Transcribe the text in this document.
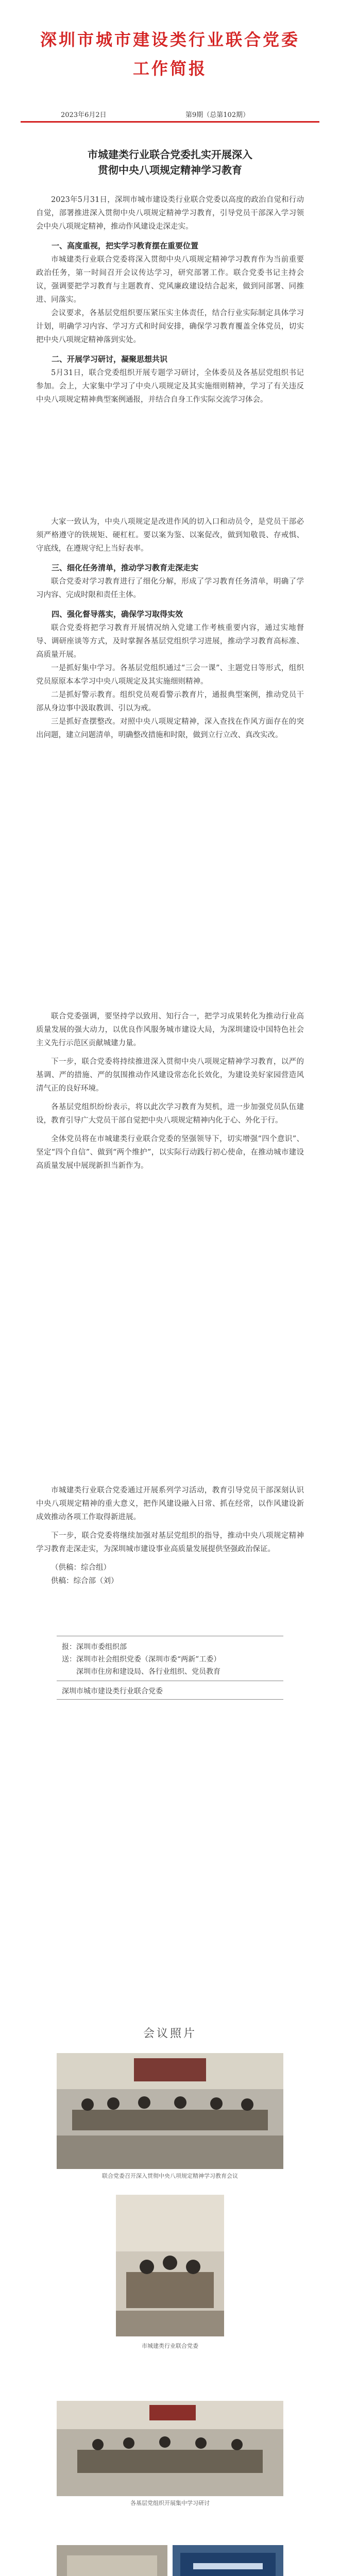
深圳市城市建设类行业联合党委
工作简报
2023年6月2日	第9期（总第102期）
市城建类行业联合党委扎实开展深入
贯彻中央八项规定精神学习教育

2023年5月31日，深圳市城市建设类行业联合党委以高度的政治自觉和行动自觉，部署推进深入贯彻中央八项规定精神学习教育，引导党员干部深入学习领会中央八项规定精神，推动作风建设走深走实。

一、高度重视，把实学习教育摆在重要位置

市城建类行业联合党委将深入贯彻中央八项规定精神学习教育作为当前重要政治任务，第一时间召开会议传达学习，研究部署工作。联合党委书记主持会议，强调要把学习教育与主题教育、党风廉政建设结合起来，做到同部署、同推进、同落实。

会议要求，各基层党组织要压紧压实主体责任，结合行业实际制定具体学习计划，明确学习内容、学习方式和时间安排，确保学习教育覆盖全体党员，切实把中央八项规定精神落到实处。

二、开展学习研讨，凝聚思想共识

5月31日，联合党委组织开展专题学习研讨，全体委员及各基层党组织书记参加。会上，大家集中学习了中央八项规定及其实施细则精神，学习了有关违反中央八项规定精神典型案例通报，并结合自身工作实际交流学习体会。

大家一致认为，中央八项规定是改进作风的切入口和动员令，是党员干部必须严格遵守的铁规矩、硬杠杠。要以案为鉴、以案促改，做到知敬畏、存戒惧、守底线，在遵规守纪上当好表率。

三、细化任务清单，推动学习教育走深走实

联合党委对学习教育进行了细化分解，形成了学习教育任务清单，明确了学习内容、完成时限和责任主体。

四、强化督导落实，确保学习取得实效

联合党委将把学习教育开展情况纳入党建工作考核重要内容，通过实地督导、调研座谈等方式，及时掌握各基层党组织学习进展，推动学习教育高标准、高质量开展。

一是抓好集中学习。各基层党组织通过“三会一课”、主题党日等形式，组织党员原原本本学习中央八项规定及其实施细则精神。

二是抓好警示教育。组织党员观看警示教育片，通报典型案例，推动党员干部从身边事中汲取教训、引以为戒。

三是抓好查摆整改。对照中央八项规定精神，深入查找在作风方面存在的突出问题，建立问题清单，明确整改措施和时限，做到立行立改、真改实改。

联合党委强调，要坚持学以致用、知行合一，把学习成果转化为推动行业高质量发展的强大动力，以优良作风服务城市建设大局，为深圳建设中国特色社会主义先行示范区贡献城建力量。

下一步，联合党委将持续推进深入贯彻中央八项规定精神学习教育，以严的基调、严的措施、严的氛围推动作风建设常态化长效化，为建设美好家园营造风清气正的良好环境。

各基层党组织纷纷表示，将以此次学习教育为契机，进一步加强党员队伍建设，教育引导广大党员干部自觉把中央八项规定精神内化于心、外化于行。

全体党员将在市城建类行业联合党委的坚强领导下，切实增强“四个意识”、坚定“四个自信”、做到“两个维护”，以实际行动践行初心使命，在推动城市建设高质量发展中展现新担当新作为。

市城建类行业联合党委通过开展系列学习活动，教育引导党员干部深刻认识中央八项规定精神的重大意义，把作风建设融入日常、抓在经常，以作风建设新成效推动各项工作取得新进展。

下一步，联合党委将继续加强对基层党组织的指导，推动中央八项规定精神学习教育走深走实，为深圳城市建设事业高质量发展提供坚强政治保证。

（供稿：综合组）

供稿：综合部（刘）

报：深圳市委组织部
送：深圳市社会组织党委（深圳市委“两新”工委）
深圳市住房和建设局、各行业组织、党员教育
深圳市城市建设类行业联合党委
会议照片
联合党委召开深入贯彻中央八项规定精神学习教育会议
市城建类行业联合党委
各基层党组织开展集中学习研讨
